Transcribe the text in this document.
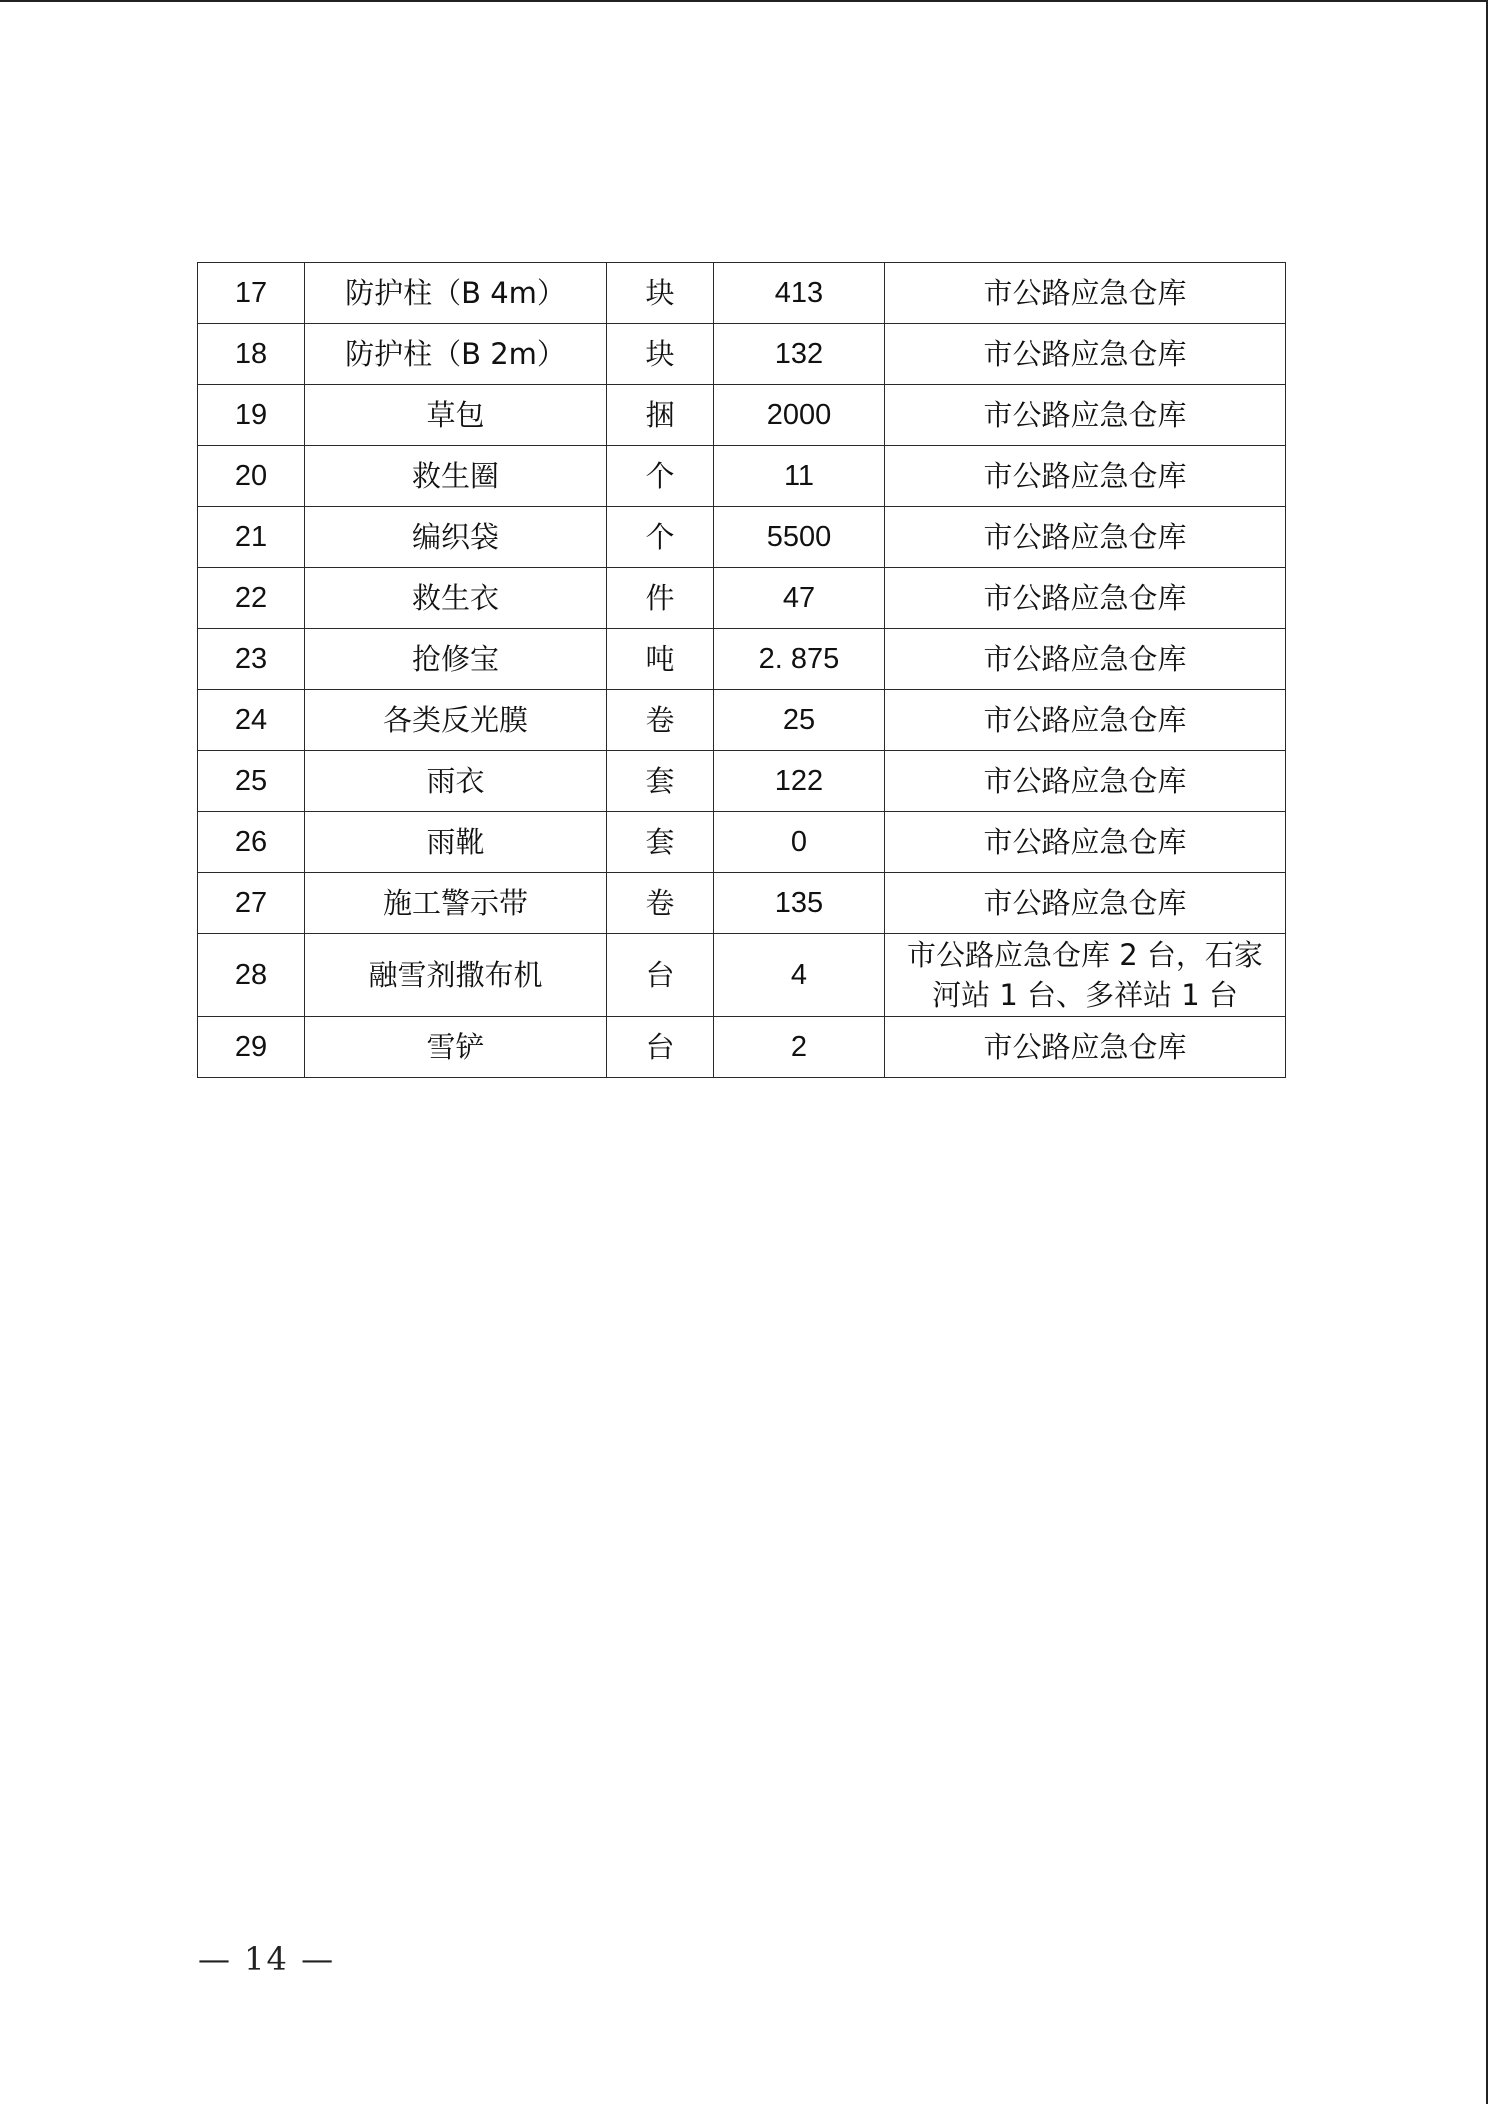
17	防护柱（B 4m）	块	413	市公路应急仓库
18	防护柱（B 2m）	块	132	市公路应急仓库
19	草包	捆	2000	市公路应急仓库
20	救生圈	个	11	市公路应急仓库
21	编织袋	个	5500	市公路应急仓库
22	救生衣	件	47	市公路应急仓库
23	抢修宝	吨	2. 875	市公路应急仓库
24	各类反光膜	卷	25	市公路应急仓库
25	雨衣	套	122	市公路应急仓库
26	雨靴	套	0	市公路应急仓库
27	施工警示带	卷	135	市公路应急仓库
28	融雪剂撒布机	台	4	市公路应急仓库 2 台，石家
河站 1 台、多祥站 1 台

29	雪铲	台	2	市公路应急仓库
— 14 —
